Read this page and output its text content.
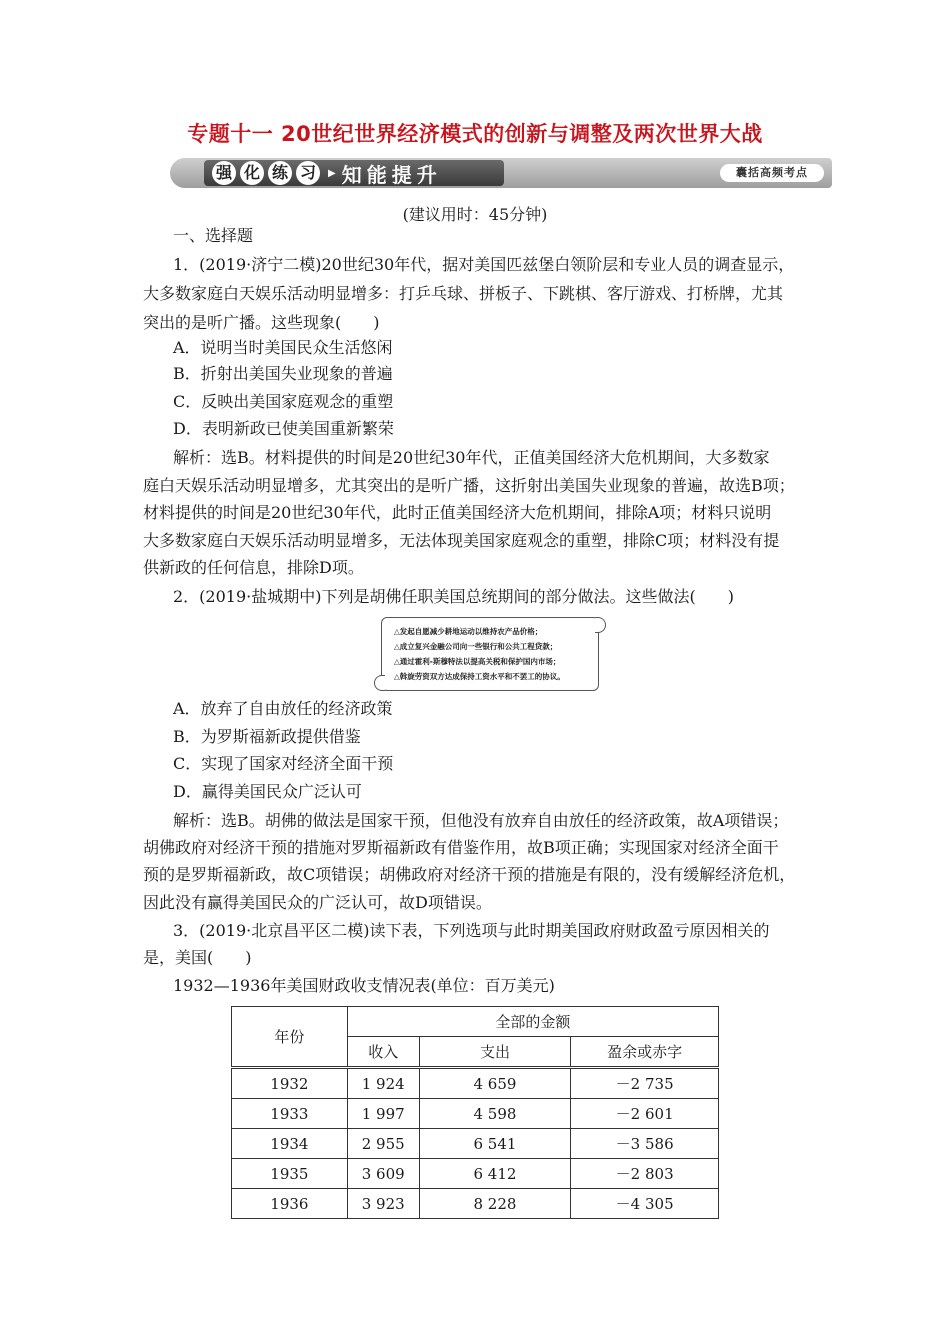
专题十一 20世纪世界经济模式的创新与调整及两次世界大战
强 化 练 习	▶ 知能提升	囊括高频考点
(建议用时：45分钟)
一、选择题
1．(2019·济宁二模)20世纪30年代，据对美国匹兹堡白领阶层和专业人员的调查显示，
大多数家庭白天娱乐活动明显增多：打乒乓球、拼板子、下跳棋、客厅游戏、打桥牌，尤其
突出的是听广播。这些现象(　　)
A．说明当时美国民众生活悠闲
B．折射出美国失业现象的普遍
C．反映出美国家庭观念的重塑
D．表明新政已使美国重新繁荣
解析：选B。材料提供的时间是20世纪30年代，正值美国经济大危机期间，大多数家
庭白天娱乐活动明显增多，尤其突出的是听广播，这折射出美国失业现象的普遍，故选B项；
材料提供的时间是20世纪30年代，此时正值美国经济大危机期间，排除A项；材料只说明
大多数家庭白天娱乐活动明显增多，无法体现美国家庭观念的重塑，排除C项；材料没有提
供新政的任何信息，排除D项。
2．(2019·盐城期中)下列是胡佛任职美国总统期间的部分做法。这些做法(　　)
△发起自愿减少耕地运动以维持农产品价格；
△成立复兴金融公司向一些银行和公共工程贷款；
△通过霍利-斯穆特法以提高关税和保护国内市场；
△斡旋劳资双方达成保持工资水平和不罢工的协议。
A．放弃了自由放任的经济政策
B．为罗斯福新政提供借鉴
C．实现了国家对经济全面干预
D．赢得美国民众广泛认可
解析：选B。胡佛的做法是国家干预，但他没有放弃自由放任的经济政策，故A项错误；
胡佛政府对经济干预的措施对罗斯福新政有借鉴作用，故B项正确；实现国家对经济全面干
预的是罗斯福新政，故C项错误；胡佛政府对经济干预的措施是有限的，没有缓解经济危机，
因此没有赢得美国民众的广泛认可，故D项错误。
3．(2019·北京昌平区二模)读下表，下列选项与此时期美国政府财政盈亏原因相关的
是，美国(　　)
1932—1936年美国财政收支情况表(单位：百万美元)
年份	全部的金额		
	收入	支出	盈余或赤字
1932	1 924	4 659	－2 735
1933	1 997	4 598	－2 601
1934	2 955	6 541	－3 586
1935	3 609	6 412	－2 803
1936	3 923	8 228	－4 305
